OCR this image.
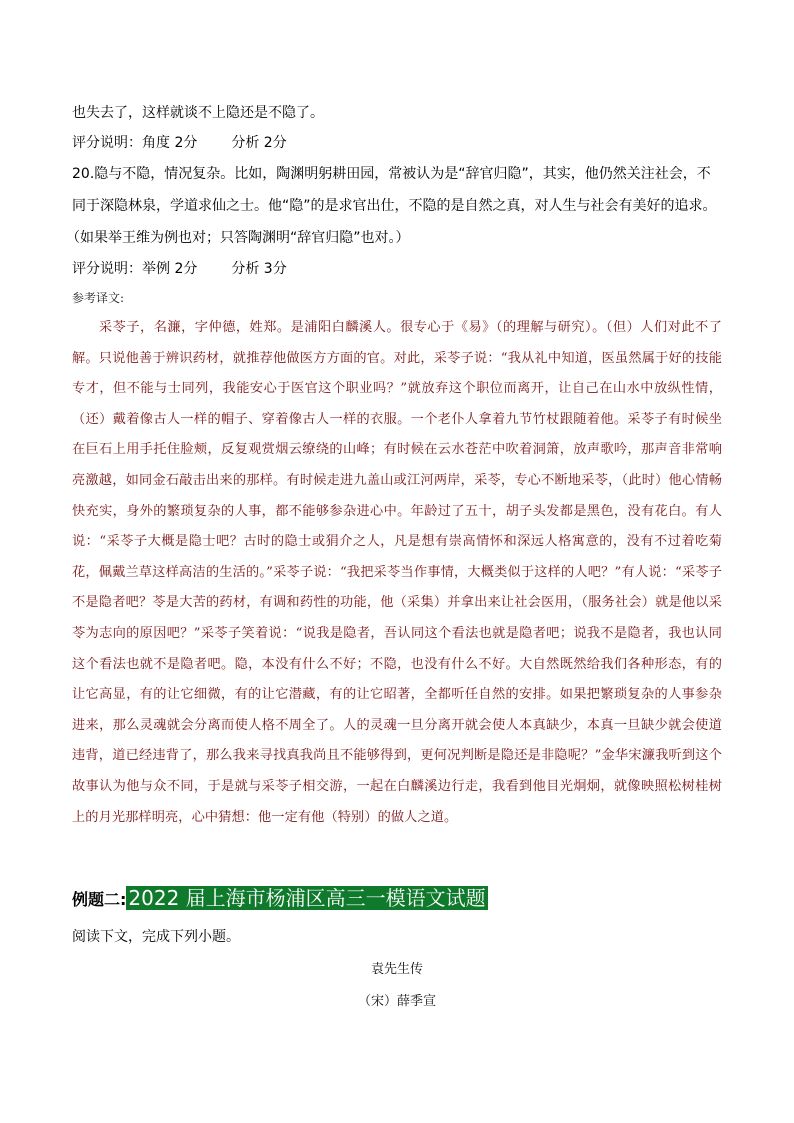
也失去了，这样就谈不上隐还是不隐了。
评分说明：角度 2分 分析 2分
20.隐与不隐，情况复杂。比如，陶渊明躬耕田园，常被认为是“辞官归隐”，其实，他仍然关注社会，不
同于深隐林泉，学道求仙之士。他“隐”的是求官出仕，不隐的是自然之真，对人生与社会有美好的追求。
（如果举王维为例也对；只答陶渊明“辞官归隐”也对。）
评分说明：举例 2分 分析 3分
参考译文:
采苓子，名濂，字仲德，姓郑。是浦阳白麟溪人。很专心于《易》（的理解与研究）。（但）人们对此不了解。只说他善于辨识药材，就推荐他做医方方面的官。对此，采苓子说：“我从礼中知道，医虽然属于好的技能专才，但不能与士同列，我能安心于医官这个职业吗？”就放弃这个职位而离开，让自己在山水中放纵性情，（还）戴着像古人一样的帽子、穿着像古人一样的衣服。一个老仆人拿着九节竹杖跟随着他。采苓子有时候坐在巨石上用手托住脸颊，反复观赏烟云缭绕的山峰；有时候在云水苍茫中吹着洞箫，放声歌吟，那声音非常响亮激越，如同金石敲击出来的那样。有时候走进九盖山或江河两岸，采苓，专心不断地采苓，（此时）他心情畅快充实，身外的繁琐复杂的人事，都不能够参杂进心中。年龄过了五十，胡子头发都是黑色，没有花白。有人说：“采苓子大概是隐士吧？古时的隐士或狷介之人，凡是想有崇高情怀和深远人格寓意的，没有不过着吃菊花，佩戴兰草这样高洁的生活的。”采苓子说：“我把采苓当作事情，大概类似于这样的人吧？”有人说：“采苓子不是隐者吧？苓是大苦的药材，有调和药性的功能，他（采集）并拿出来让社会医用，（服务社会）就是他以采苓为志向的原因吧？”采苓子笑着说：“说我是隐者，吾认同这个看法也就是隐者吧；说我不是隐者，我也认同这个看法也就不是隐者吧。隐，本没有什么不好；不隐，也没有什么不好。大自然既然给我们各种形态，有的让它高显，有的让它细微，有的让它潜藏，有的让它昭著，全都听任自然的安排。如果把繁琐复杂的人事参杂进来，那么灵魂就会分离而使人格不周全了。人的灵魂一旦分离开就会使人本真缺少，本真一旦缺少就会使道违背，道已经违背了，那么我来寻找真我尚且不能够得到，更何况判断是隐还是非隐呢？”金华宋濂我听到这个故事认为他与众不同，于是就与采苓子相交游，一起在白麟溪边行走，我看到他目光炯炯，就像映照松树桂树上的月光那样明亮，心中猜想：他一定有他（特别）的做人之道。
例题二: 2022 届上海市杨浦区高三一模语文试题
阅读下文，完成下列小题。
袁先生传
（宋）薛季宣
